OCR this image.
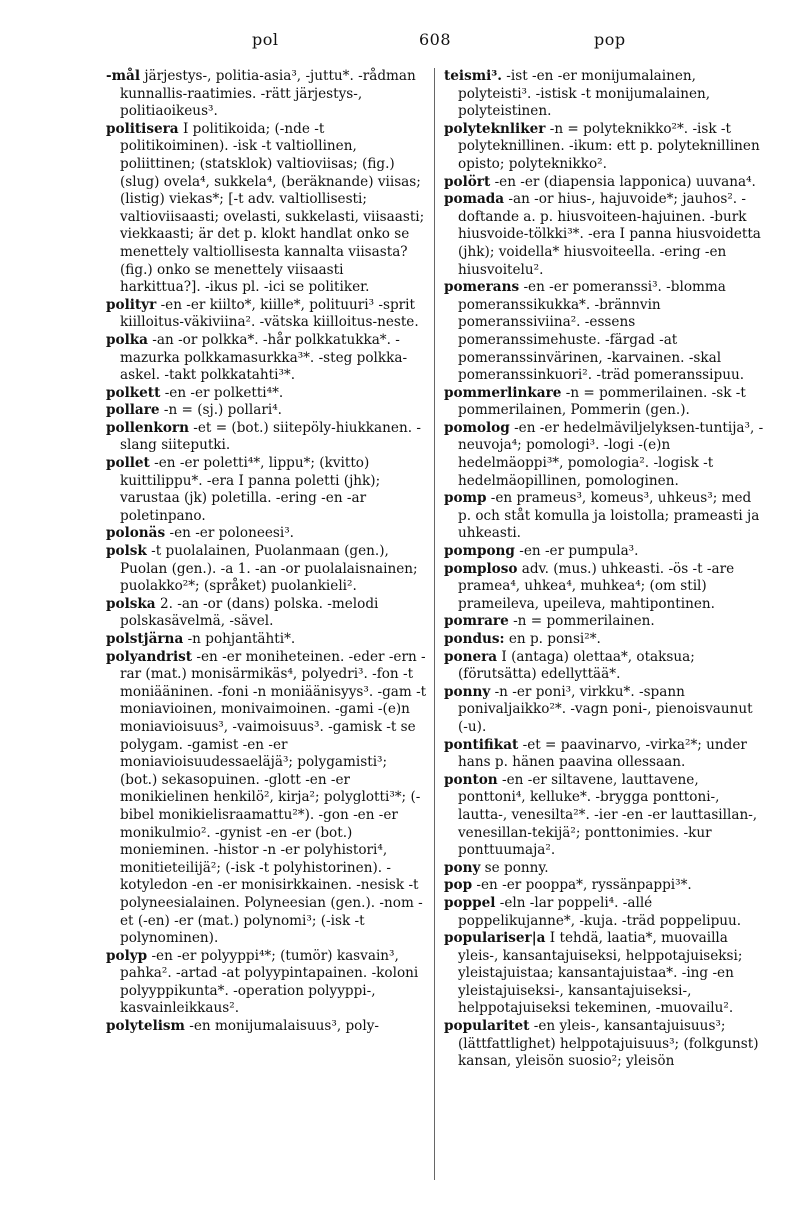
pol	608	pop

-mål järjestys-, politia-asia³, -juttu*. -rådman kunnallis-raatimies. -rätt järjestys-, politiaoikeus³.

politisera I politikoida; (-nde -t politikoiminen). -isk -t valtiollinen, poliittinen; (statsklok) valtioviisas; (fig.) (slug) ovela⁴, sukkela⁴, (beräknande) viisas; (listig) viekas*; [-t adv. valtiollisesti; valtioviisaasti; ovelasti, sukkelasti, viisaasti; viekkaasti; är det p. klokt handlat onko se menettely valtiollisesta kannalta viisasta? (fig.) onko se menettely viisaasti harkittua?]. -ikus pl. -ici se politiker.

polityr -en -er kiilto*, kiille*, polituuri³ -sprit kiilloitus-väkiviina². -vätska kiilloitus-neste.

polka -an -or polkka*. -hår polkkatukka*. -mazurka polkkamasurkka³*. -steg polkka-askel. -takt polkkatahti³*.

polkett -en -er polketti⁴*.

pollare -n = (sj.) pollari⁴.

pollenkorn -et = (bot.) siitepöly-hiukkanen. -slang siiteputki.

pollet -en -er poletti⁴*, lippu*; (kvitto) kuittilippu*. -era I panna poletti (jhk); varustaa (jk) poletilla. -ering -en -ar poletinpano.

polonäs -en -er poloneesi³.

polsk -t puolalainen, Puolanmaan (gen.), Puolan (gen.). -a 1. -an -or puolalaisnainen; puolakko²*; (språket) puolankieli².

polska 2. -an -or (dans) polska. -melodi polskasävelmä, -sävel.

polstjärna -n pohjantähti*.

polyandrist -en -er moniheteinen. -eder -ern -rar (mat.) monisärmikäs⁴, polyedri³. -fon -t moniääninen. -foni -n moniäänisyys³. -gam -t moniavioinen, monivaimoinen. -gami -(e)n moniavioisuus³, -vaimoisuus³. -gamisk -t se polygam. -gamist -en -er moniavioisuudessaeläjä³; polygamisti³; (bot.) sekasopuinen. -glott -en -er monikielinen henkilö², kirja²; polyglotti³*; (-bibel monikielisraamattu²*). -gon -en -er monikulmio². -gynist -en -er (bot.) monieminen. -histor -n -er polyhistori⁴, monitieteilijä²; (-isk -t polyhistorinen). -kotyledon -en -er monisirkkainen. -nesisk -t polyneesialainen. Polyneesian (gen.). -nom -et (-en) -er (mat.) polynomi³; (-isk -t polynominen).

polyp -en -er polyyppi⁴*; (tumör) kasvain³, pahka². -artad -at polyypintapainen. -koloni polyyppikunta*. -operation polyyppi-, kasvainleikkaus².

polytelism -en monijumalaisuus³, poly-

teismi³. -ist -en -er monijumalainen, polyteisti³. -istisk -t monijumalainen, polyteistinen.

polyteknliker -n = polyteknikko²*. -isk -t polyteknillinen. -ikum: ett p. polyteknillinen opisto; polyteknikko².

polört -en -er (diapensia lapponica) uuvana⁴.

pomada -an -or hius-, hajuvoide*; jauhos². -doftande a. p. hiusvoiteen-hajuinen. -burk hiusvoide-tölkki³*. -era I panna hiusvoidetta (jhk); voidella* hiusvoiteella. -ering -en hiusvoitelu².

pomerans -en -er pomeranssi³. -blomma pomeranssikukka*. -brännvin pomeranssiviina². -essens pomeranssimehuste. -färgad -at pomeranssinvärinen, -karvainen. -skal pomeranssinkuori². -träd pomeranssipuu.

pommerlinkare -n = pommerilainen. -sk -t pommerilainen, Pommerin (gen.).

pomolog -en -er hedelmäviljelyksen-tuntija³, -neuvoja⁴; pomologi³. -logi -(e)n hedelmäoppi³*, pomologia². -logisk -t hedelmäopillinen, pomologinen.

pomp -en prameus³, komeus³, uhkeus³; med p. och ståt komulla ja loistolla; prameasti ja uhkeasti.

pompong -en -er pumpula³.

pomploso adv. (mus.) uhkeasti. -ös -t -are pramea⁴, uhkea⁴, muhkea⁴; (om stil) prameileva, upeileva, mahtipontinen.

pomrare -n = pommerilainen.

pondus: en p. ponsi²*.

ponera I (antaga) olettaa*, otaksua; (förutsätta) edellyttää*.

ponny -n -er poni³, virkku*. -spann ponivaljaikko²*. -vagn poni-, pienoisvaunut (-u).

pontifikat -et = paavinarvo, -virka²*; under hans p. hänen paavina ollessaan.

ponton -en -er siltavene, lauttavene, ponttoni⁴, kelluke*. -brygga ponttoni-, lautta-, venesilta²*. -ier -en -er lauttasillan-, venesillan-tekijä²; ponttonimies. -kur ponttuumaja².

pony se ponny.

pop -en -er pooppa*, ryssänpappi³*.

poppel -eln -lar poppeli⁴. -allé poppelikujanne*, -kuja. -träd poppelipuu.

populariser|a I tehdä, laatia*, muovailla yleis-, kansantajuiseksi, helppotajuiseksi; yleistajuistaa; kansantajuistaa*. -ing -en yleistajuiseksi-, kansantajuiseksi-, helppotajuiseksi tekeminen, -muovailu².

popularitet -en yleis-, kansantajuisuus³; (lättfattlighet) helppotajuisuus³; (folkgunst) kansan, yleisön suosio²; yleisön
